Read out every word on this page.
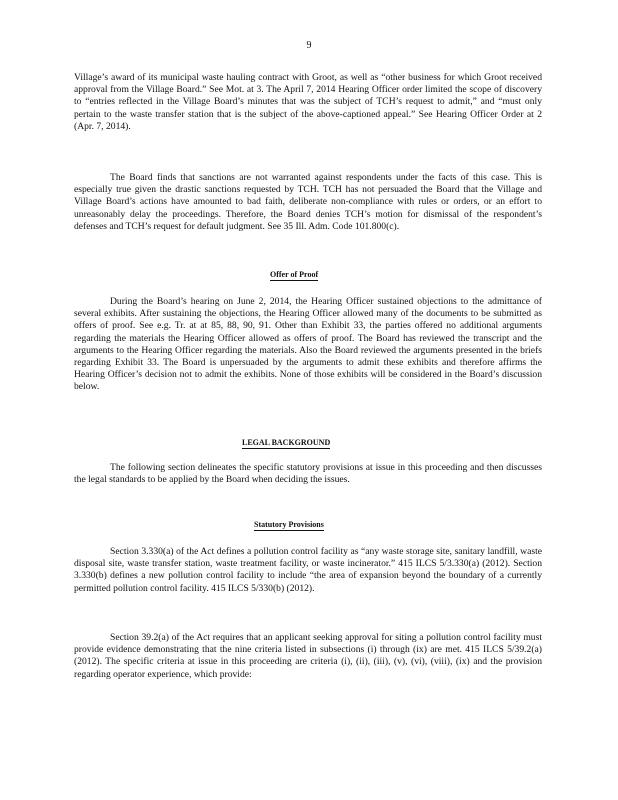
9

Village’s award of its municipal waste hauling contract with Groot, as well as “other business for which Groot received approval from the Village Board.” See Mot. at 3. The April 7, 2014 Hearing Officer order limited the scope of discovery to “entries reflected in the Village Board’s minutes that was the subject of TCH’s request to admit,” and “must only pertain to the waste transfer station that is the subject of the above-captioned appeal.” See Hearing Officer Order at 2 (Apr. 7, 2014).

The Board finds that sanctions are not warranted against respondents under the facts of this case. This is especially true given the drastic sanctions requested by TCH. TCH has not persuaded the Board that the Village and Village Board’s actions have amounted to bad faith, deliberate non-compliance with rules or orders, or an effort to unreasonably delay the proceedings. Therefore, the Board denies TCH’s motion for dismissal of the respondent’s defenses and TCH’s request for default judgment. See 35 Ill. Adm. Code 101.800(c).

Offer of Proof

During the Board’s hearing on June 2, 2014, the Hearing Officer sustained objections to the admittance of several exhibits. After sustaining the objections, the Hearing Officer allowed many of the documents to be submitted as offers of proof. See e.g. Tr. at at 85, 88, 90, 91. Other than Exhibit 33, the parties offered no additional arguments regarding the materials the Hearing Officer allowed as offers of proof. The Board has reviewed the transcript and the arguments to the Hearing Officer regarding the materials. Also the Board reviewed the arguments presented in the briefs regarding Exhibit 33. The Board is unpersuaded by the arguments to admit these exhibits and therefore affirms the Hearing Officer’s decision not to admit the exhibits. None of those exhibits will be considered in the Board’s discussion below.

LEGAL BACKGROUND

The following section delineates the specific statutory provisions at issue in this proceeding and then discusses the legal standards to be applied by the Board when deciding the issues.

Statutory Provisions

Section 3.330(a) of the Act defines a pollution control facility as “any waste storage site, sanitary landfill, waste disposal site, waste transfer station, waste treatment facility, or waste incinerator.” 415 ILCS 5/3.330(a) (2012). Section 3.330(b) defines a new pollution control facility to include “the area of expansion beyond the boundary of a currently permitted pollution control facility. 415 ILCS 5/330(b) (2012).

Section 39.2(a) of the Act requires that an applicant seeking approval for siting a pollution control facility must provide evidence demonstrating that the nine criteria listed in subsections (i) through (ix) are met. 415 ILCS 5/39.2(a) (2012). The specific criteria at issue in this proceeding are criteria (i), (ii), (iii), (v), (vi), (viii), (ix) and the provision regarding operator experience, which provide:
